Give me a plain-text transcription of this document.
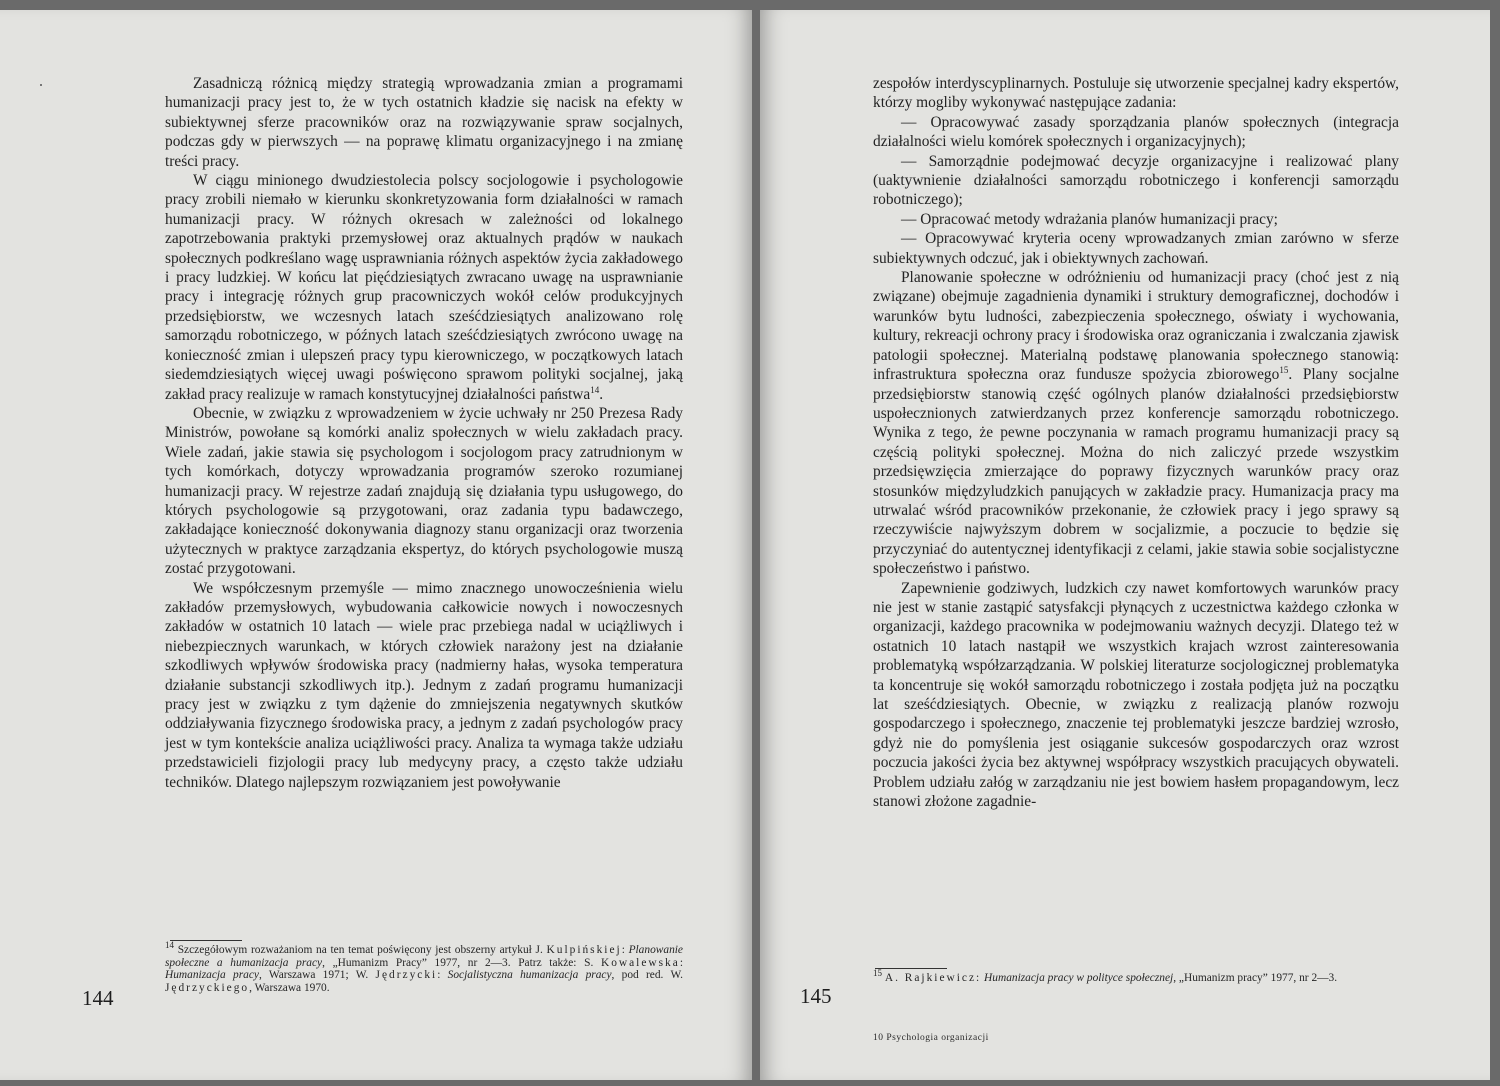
Zasadniczą różnicą między strategią wprowadzania zmian a programami humanizacji pracy jest to, że w tych ostatnich kładzie się nacisk na efekty w subiektywnej sferze pracowników oraz na rozwiązywanie spraw socjalnych, podczas gdy w pierwszych — na poprawę klimatu organizacyjnego i na zmianę treści pracy.

W ciągu minionego dwudziestolecia polscy socjologowie i psychologowie pracy zrobili niemało w kierunku skonkretyzowania form działalności w ramach humanizacji pracy. W różnych okresach w zależności od lokalnego zapotrzebowania praktyki przemysłowej oraz aktualnych prądów w naukach społecznych podkreślano wagę usprawniania różnych aspektów życia zakładowego i pracy ludzkiej. W końcu lat pięćdziesiątych zwracano uwagę na usprawnianie pracy i integrację różnych grup pracowniczych wokół celów produkcyjnych przedsiębiorstw, we wczesnych latach sześćdziesiątych analizowano rolę samorządu robotniczego, w późnych latach sześćdziesiątych zwrócono uwagę na konieczność zmian i ulepszeń pracy typu kierowniczego, w początkowych latach siedemdziesiątych więcej uwagi poświęcono sprawom polityki socjalnej, jaką zakład pracy realizuje w ramach konstytucyjnej działalności państwa$^{14}$.

Obecnie, w związku z wprowadzeniem w życie uchwały nr 250 Prezesa Rady Ministrów, powołane są komórki analiz społecznych w wielu zakładach pracy. Wiele zadań, jakie stawia się psychologom i socjologom pracy zatrudnionym w tych komórkach, dotyczy wprowadzania programów szeroko rozumianej humanizacji pracy. W rejestrze zadań znajdują się działania typu usługowego, do których psychologowie są przygotowani, oraz zadania typu badawczego, zakładające konieczność dokonywania diagnozy stanu organizacji oraz tworzenia użytecznych w praktyce zarządzania ekspertyz, do których psychologowie muszą zostać przygotowani.

We współczesnym przemyśle — mimo znacznego unowocześnienia wielu zakładów przemysłowych, wybudowania całkowicie nowych i nowoczesnych zakładów w ostatnich 10 latach — wiele prac przebiega nadal w uciążliwych i niebezpiecznych warunkach, w których człowiek narażony jest na działanie szkodliwych wpływów środowiska pracy (nadmierny hałas, wysoka temperatura działanie substancji szkodliwych itp.). Jednym z zadań programu humanizacji pracy jest w związku z tym dążenie do zmniejszenia negatywnych skutków oddziaływania fizycznego środowiska pracy, a jednym z zadań psychologów pracy jest w tym kontekście analiza uciążliwości pracy. Analiza ta wymaga także udziału przedstawicieli fizjologii pracy lub medycyny pracy, a często także udziału techników. Dlatego najlepszym rozwiązaniem jest powoływanie

$^{14}$ Szczegółowym rozważaniom na ten temat poświęcony jest obszerny artykuł J. Kulpińskiej: Planowanie społeczne a humanizacja pracy, „Humanizm Pracy” 1977, nr 2—3. Patrz także: S. Kowalewska: Humanizacja pracy, Warszawa 1971; W. Jędrzycki: Socjalistyczna humanizacja pracy, pod red. W. Jędrzyckiego, Warszawa 1970.
144

zespołów interdyscyplinarnych. Postuluje się utworzenie specjalnej kadry ekspertów, którzy mogliby wykonywać następujące zadania:

— Opracowywać zasady sporządzania planów społecznych (integracja działalności wielu komórek społecznych i organizacyjnych);

— Samorządnie podejmować decyzje organizacyjne i realizować plany (uaktywnienie działalności samorządu robotniczego i konferencji samorządu robotniczego);

— Opracować metody wdrażania planów humanizacji pracy;

— Opracowywać kryteria oceny wprowadzanych zmian zarówno w sferze subiektywnych odczuć, jak i obiektywnych zachowań.

Planowanie społeczne w odróżnieniu od humanizacji pracy (choć jest z nią związane) obejmuje zagadnienia dynamiki i struktury demograficznej, dochodów i warunków bytu ludności, zabezpieczenia społecznego, oświaty i wychowania, kultury, rekreacji ochrony pracy i środowiska oraz ograniczania i zwalczania zjawisk patologii społecznej. Materialną podstawę planowania społecznego stanowią: infrastruktura społeczna oraz fundusze spożycia zbiorowego$^{15}$. Plany socjalne przedsiębiorstw stanowią część ogólnych planów działalności przedsiębiorstw uspołecznionych zatwierdzanych przez konferencje samorządu robotniczego. Wynika z tego, że pewne poczynania w ramach programu humanizacji pracy są częścią polityki społecznej. Można do nich zaliczyć przede wszystkim przedsięwzięcia zmierzające do poprawy fizycznych warunków pracy oraz stosunków międzyludzkich panujących w zakładzie pracy. Humanizacja pracy ma utrwalać wśród pracowników przekonanie, że człowiek pracy i jego sprawy są rzeczywiście najwyższym dobrem w socjalizmie, a poczucie to będzie się przyczyniać do autentycznej identyfikacji z celami, jakie stawia sobie socjalistyczne społeczeństwo i państwo.

Zapewnienie godziwych, ludzkich czy nawet komfortowych warunków pracy nie jest w stanie zastąpić satysfakcji płynących z uczestnictwa każdego członka w organizacji, każdego pracownika w podejmowaniu ważnych decyzji. Dlatego też w ostatnich 10 latach nastąpił we wszystkich krajach wzrost zainteresowania problematyką współzarządzania. W polskiej literaturze socjologicznej problematyka ta koncentruje się wokół samorządu robotniczego i została podjęta już na początku lat sześćdziesiątych. Obecnie, w związku z realizacją planów rozwoju gospodarczego i społecznego, znaczenie tej problematyki jeszcze bardziej wzrosło, gdyż nie do pomyślenia jest osiąganie sukcesów gospodarczych oraz wzrost poczucia jakości życia bez aktywnej współpracy wszystkich pracujących obywateli. Problem udziału załóg w zarządzaniu nie jest bowiem hasłem propagandowym, lecz stanowi złożone zagadnie-

$^{15}$ A. Rajkiewicz: Humanizacja pracy w polityce społecznej, „Humanizm pracy” 1977, nr 2—3.
145
10 Psychologia organizacji
